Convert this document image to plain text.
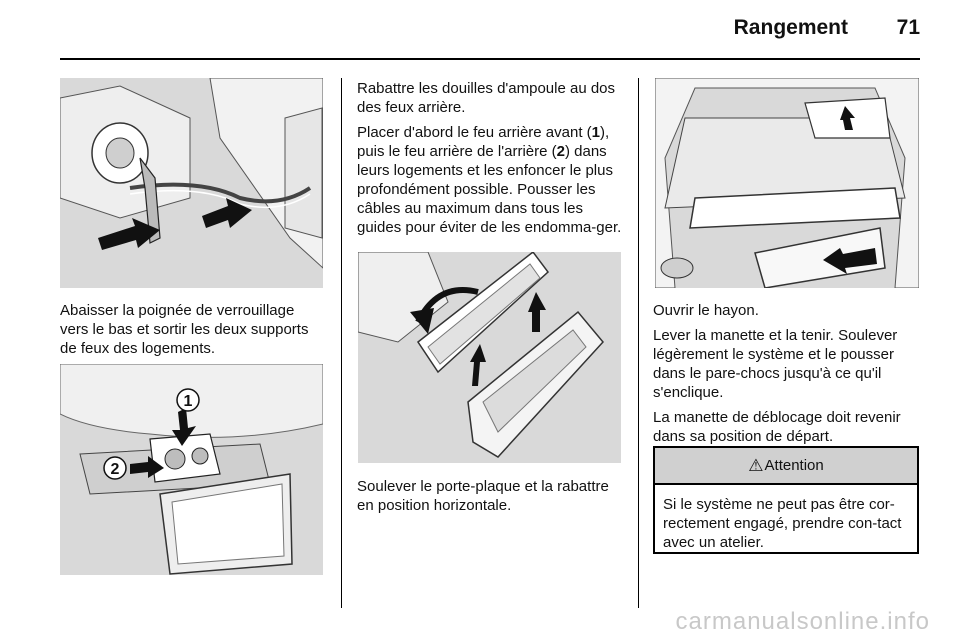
Rangement 71

Abaisser la poignée de verrouillage vers le bas et sortir les deux supports de feux des logements.

1
2

Rabattre les douilles d'ampoule au dos des feux arrière.

Placer d'abord le feu arrière avant (1), puis le feu arrière de l'arrière (2) dans leurs logements et les enfoncer le plus profondément possible. Pousser les câbles au maximum dans tous les guides pour éviter de les endomma-ger.

Soulever le porte-plaque et la rabattre en position horizontale.

Ouvrir le hayon.

Lever la manette et la tenir. Soulever légèrement le système et le pousser dans le pare-chocs jusqu'à ce qu'il s'enclique.

La manette de déblocage doit revenir dans sa position de départ.

⚠ Attention
Si le système ne peut pas être cor-rectement engagé, prendre con-tact avec un atelier.
carmanualsonline.info
